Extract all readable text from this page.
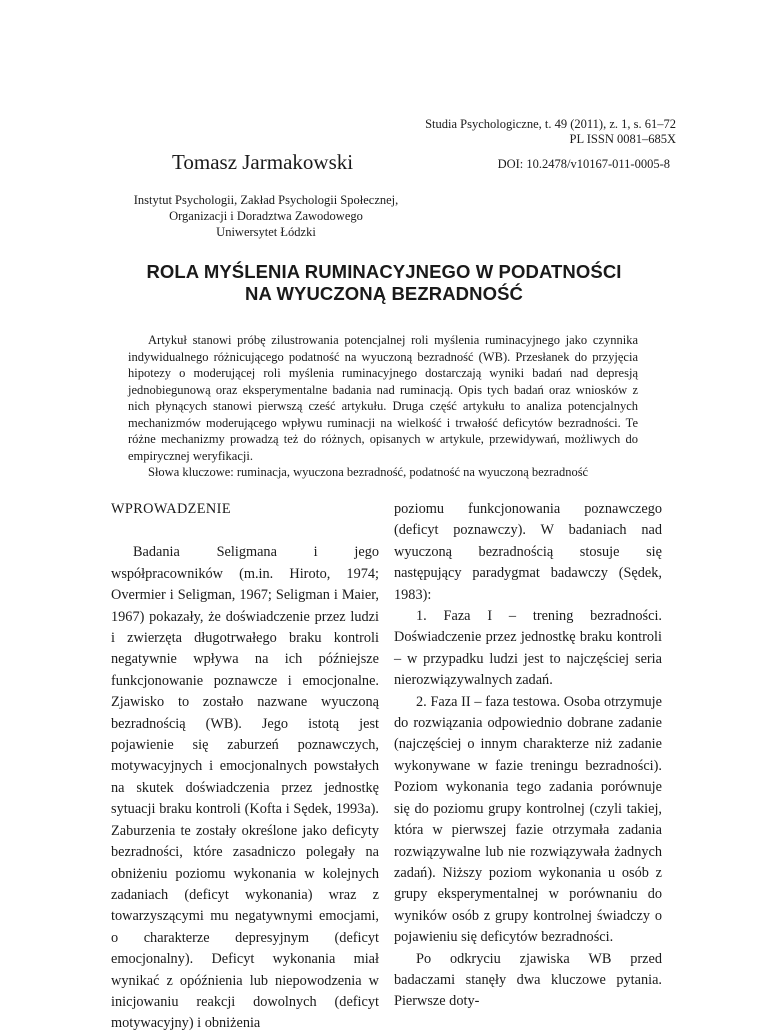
Studia Psychologiczne, t. 49 (2011), z. 1, s. 61–72
PL ISSN 0081–685X
Tomasz Jarmakowski	DOI: 10.2478/v10167-011-0005-8
Instytut Psychologii, Zakład Psychologii Społecznej,
Organizacji i Doradztwa Zawodowego
Uniwersytet Łódzki
ROLA MYŚLENIA RUMINACYJNEGO W PODATNOŚCI
NA WYUCZONĄ BEZRADNOŚĆ

Artykuł stanowi próbę zilustrowania potencjalnej roli myślenia ruminacyjnego jako czynnika indywidualnego różnicującego podatność na wyuczoną bezradność (WB). Przesłanek do przyjęcia hipotezy o moderującej roli myślenia ruminacyjnego dostarczają wyniki badań nad depresją jednobiegunową oraz eksperymentalne badania nad ruminacją. Opis tych badań oraz wniosków z nich płynących stanowi pierwszą cześć artykułu. Druga część artykułu to analiza potencjalnych mechanizmów moderującego wpływu ruminacji na wielkość i trwałość deficytów bezradności. Te różne mechanizmy prowadzą też do różnych, opisanych w artykule, przewidywań, możliwych do empirycznej weryfikacji.

Słowa kluczowe: ruminacja, wyuczona bezradność, podatność na wyuczoną bezradność

WPROWADZENIE

Badania Seligmana i jego współpracowników (m.in. Hiroto, 1974; Overmier i Seligman, 1967; Seligman i Maier, 1967) pokazały, że doświadczenie przez ludzi i zwierzęta długotrwałego braku kontroli negatywnie wpływa na ich późniejsze funkcjonowanie poznawcze i emocjonalne. Zjawisko to zostało nazwane wyuczoną bezradnością (WB). Jego istotą jest pojawienie się zaburzeń poznawczych, motywacyjnych i emocjonalnych powstałych na skutek doświadczenia przez jednostkę sytuacji braku kontroli (Kofta i Sędek, 1993a). Zaburzenia te zostały określone jako deficyty bezradności, które zasadniczo polegały na obniżeniu poziomu wykonania w kolejnych zadaniach (deficyt wykonania) wraz z towarzyszącymi mu negatywnymi emocjami, o charakterze depresyjnym (deficyt emocjonalny). Deficyt wykonania miał wynikać z opóźnienia lub niepowodzenia w inicjowaniu reakcji dowolnych (deficyt motywacyjny) i obniżenia

poziomu funkcjonowania poznawczego (deficyt poznawczy). W badaniach nad wyuczoną bezradnością stosuje się następujący paradygmat badawczy (Sędek, 1983):

1. Faza I – trening bezradności. Doświadczenie przez jednostkę braku kontroli – w przypadku ludzi jest to najczęściej seria nierozwiązywalnych zadań.

2. Faza II – faza testowa. Osoba otrzymuje do rozwiązania odpowiednio dobrane zadanie (najczęściej o innym charakterze niż zadanie wykonywane w fazie treningu bezradności). Poziom wykonania tego zadania porównuje się do poziomu grupy kontrolnej (czyli takiej, która w pierwszej fazie otrzymała zadania rozwiązywalne lub nie rozwiązywała żadnych zadań). Niższy poziom wykonania u osób z grupy eksperymentalnej w porównaniu do wyników osób z grupy kontrolnej świadczy o pojawieniu się deficytów bezradności.

Po odkryciu zjawiska WB przed badaczami stanęły dwa kluczowe pytania. Pierwsze doty-
